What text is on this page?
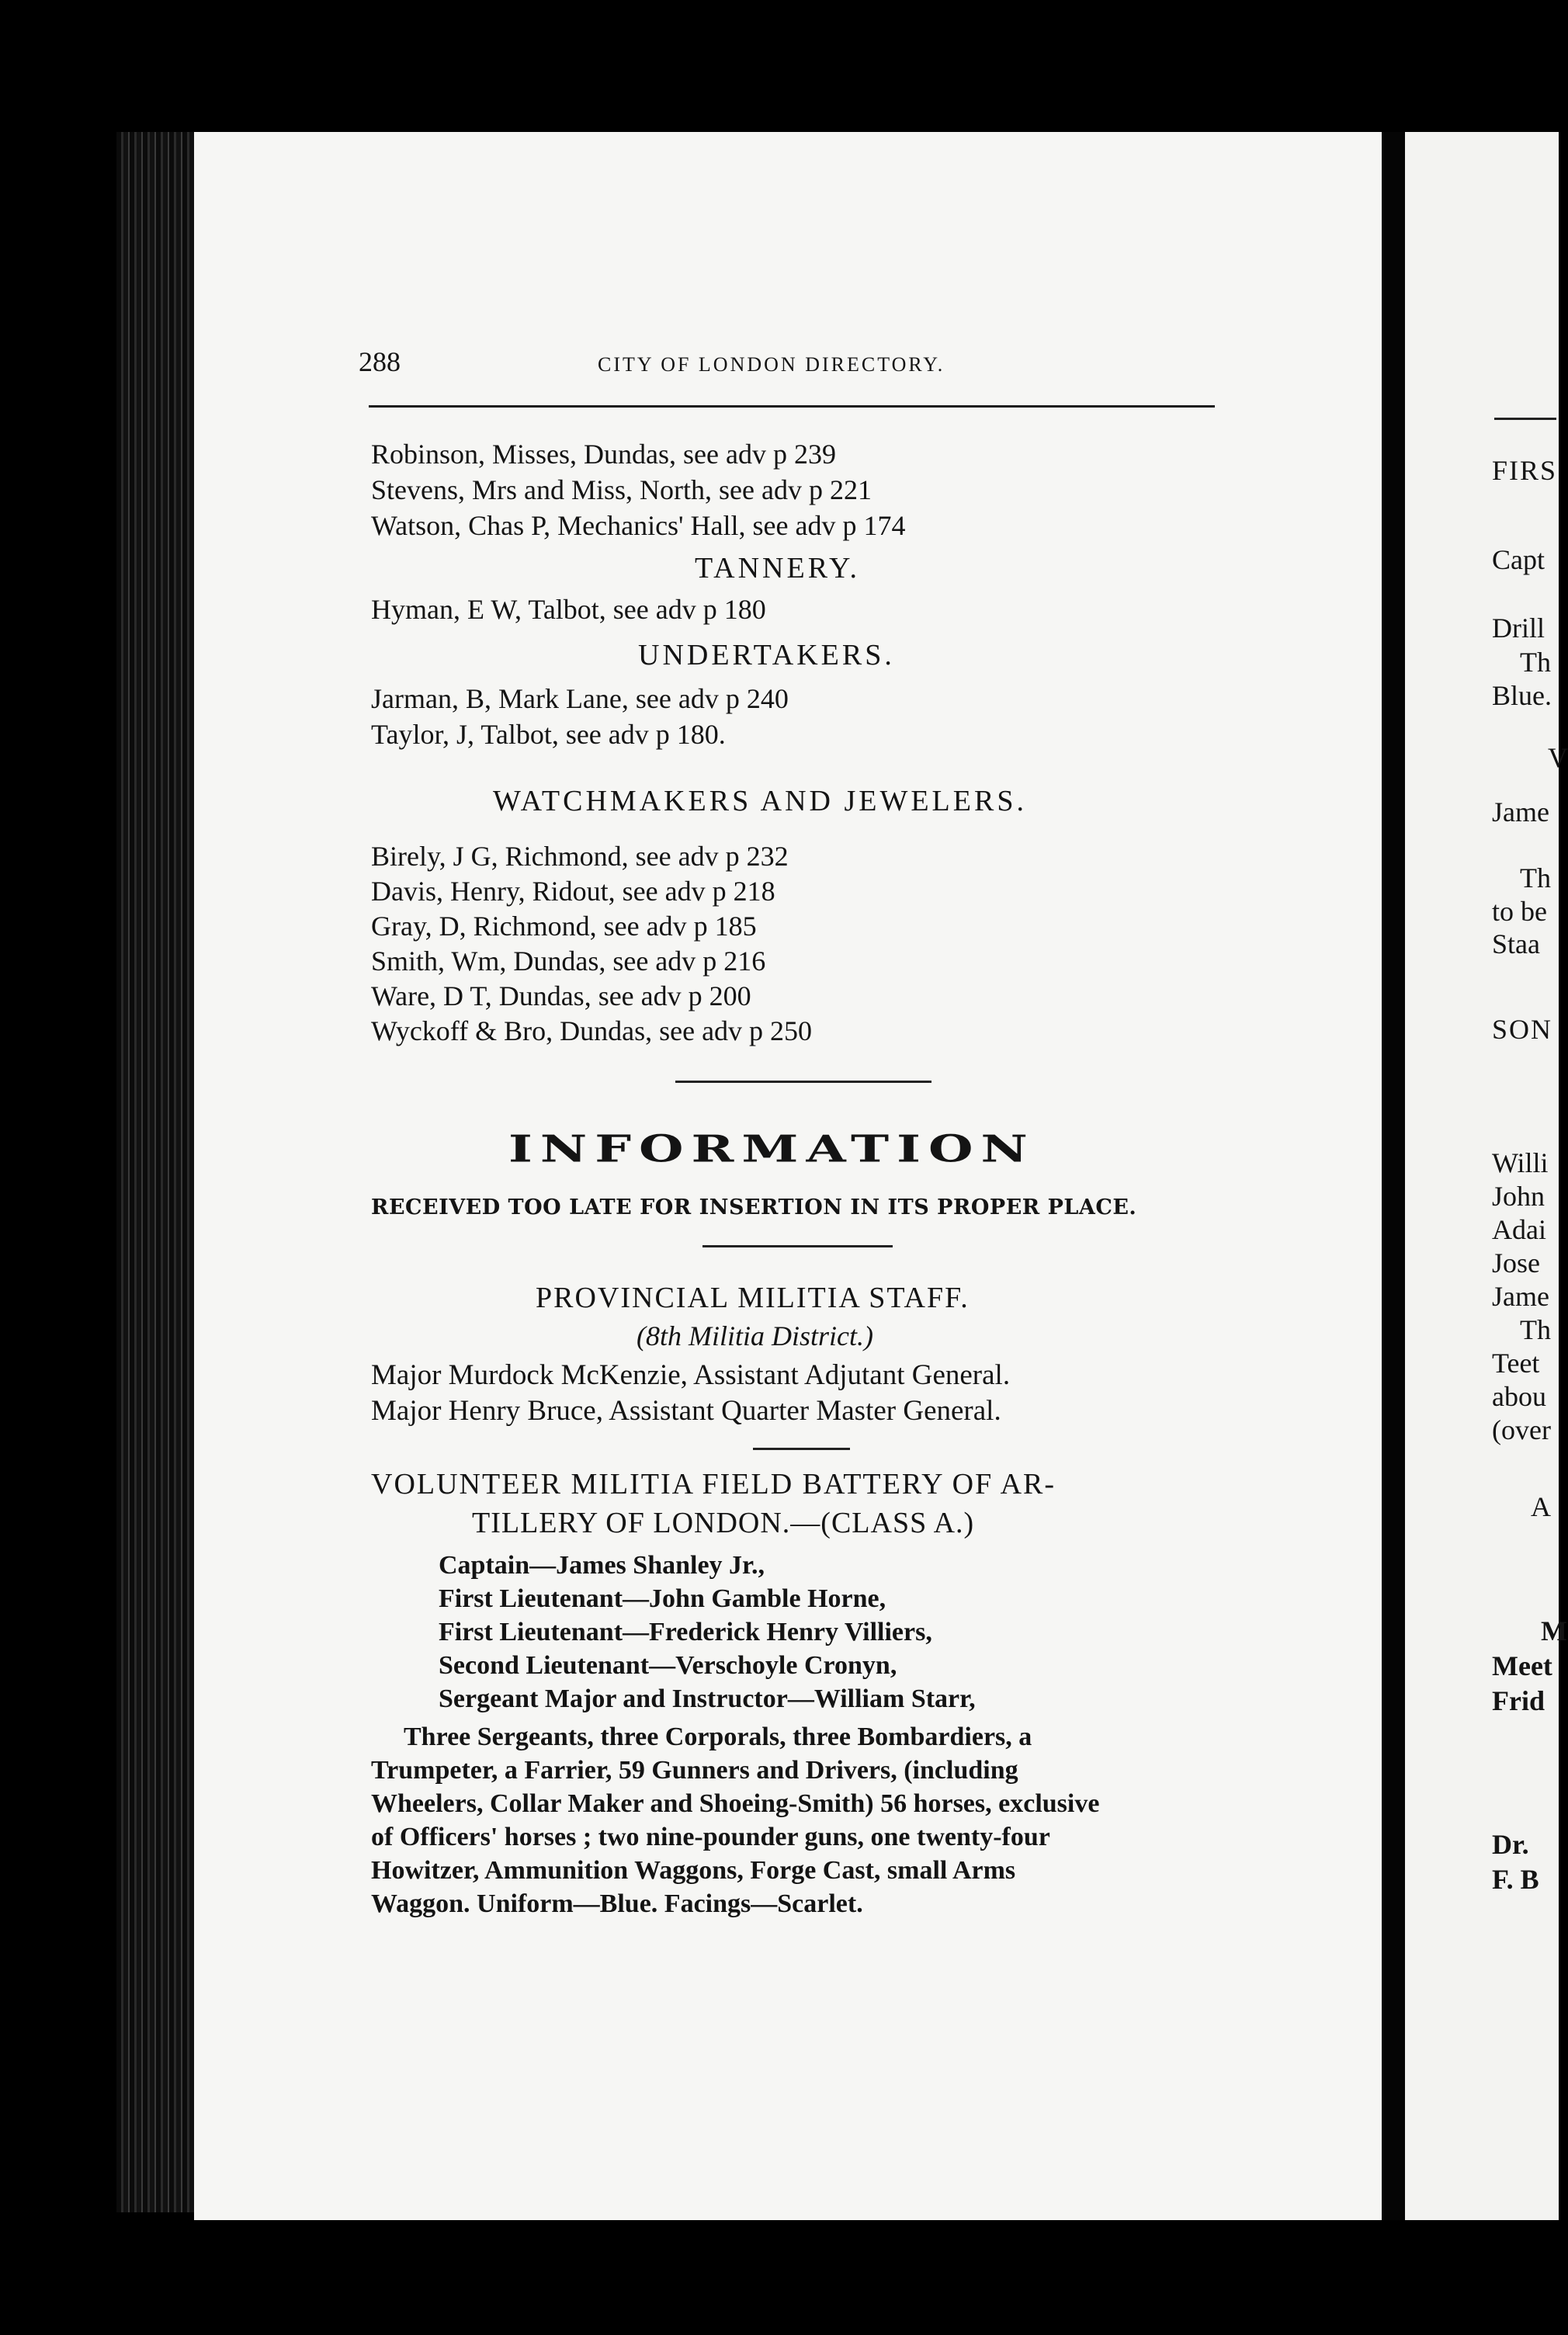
288	CITY OF LONDON DIRECTORY.
Robinson, Misses, Dundas, see adv p 239
Stevens, Mrs and Miss, North, see adv p 221
Watson, Chas P, Mechanics' Hall, see adv p 174
TANNERY.
Hyman, E W, Talbot, see adv p 180
UNDERTAKERS.
Jarman, B, Mark Lane, see adv p 240
Taylor, J, Talbot, see adv p 180.
WATCHMAKERS AND JEWELERS.
Birely, J G, Richmond, see adv p 232
Davis, Henry, Ridout, see adv p 218
Gray, D, Richmond, see adv p 185
Smith, Wm, Dundas, see adv p 216
Ware, D T, Dundas, see adv p 200
Wyckoff & Bro, Dundas, see adv p 250
INFORMATION
RECEIVED TOO LATE FOR INSERTION IN ITS PROPER PLACE.
PROVINCIAL MILITIA STAFF.
(8th Militia District.)
Major Murdock McKenzie, Assistant Adjutant General.
Major Henry Bruce, Assistant Quarter Master General.
VOLUNTEER MILITIA FIELD BATTERY OF AR-
TILLERY OF LONDON.—(CLASS A.)
Captain—James Shanley Jr.,
First Lieutenant—John Gamble Horne,
First Lieutenant—Frederick Henry Villiers,
Second Lieutenant—Verschoyle Cronyn,
Sergeant Major and Instructor—William Starr,
Three Sergeants, three Corporals, three Bombardiers, a
Trumpeter, a Farrier, 59 Gunners and Drivers, (including
Wheelers, Collar Maker and Shoeing-Smith) 56 horses, exclusive
of Officers' horses ; two nine-pounder guns, one twenty-four
Howitzer, Ammunition Waggons, Forge Cast, small Arms
Waggon. Uniform—Blue. Facings—Scarlet.
FIRS
Capt
Drill
Th
Blue.
V
Jame
Th
to be
Staa
SON
Willi
John
Adai
Jose
Jame
Th
Teet
abou
(over
A
M
Meet
Frid
Dr.
F. B
